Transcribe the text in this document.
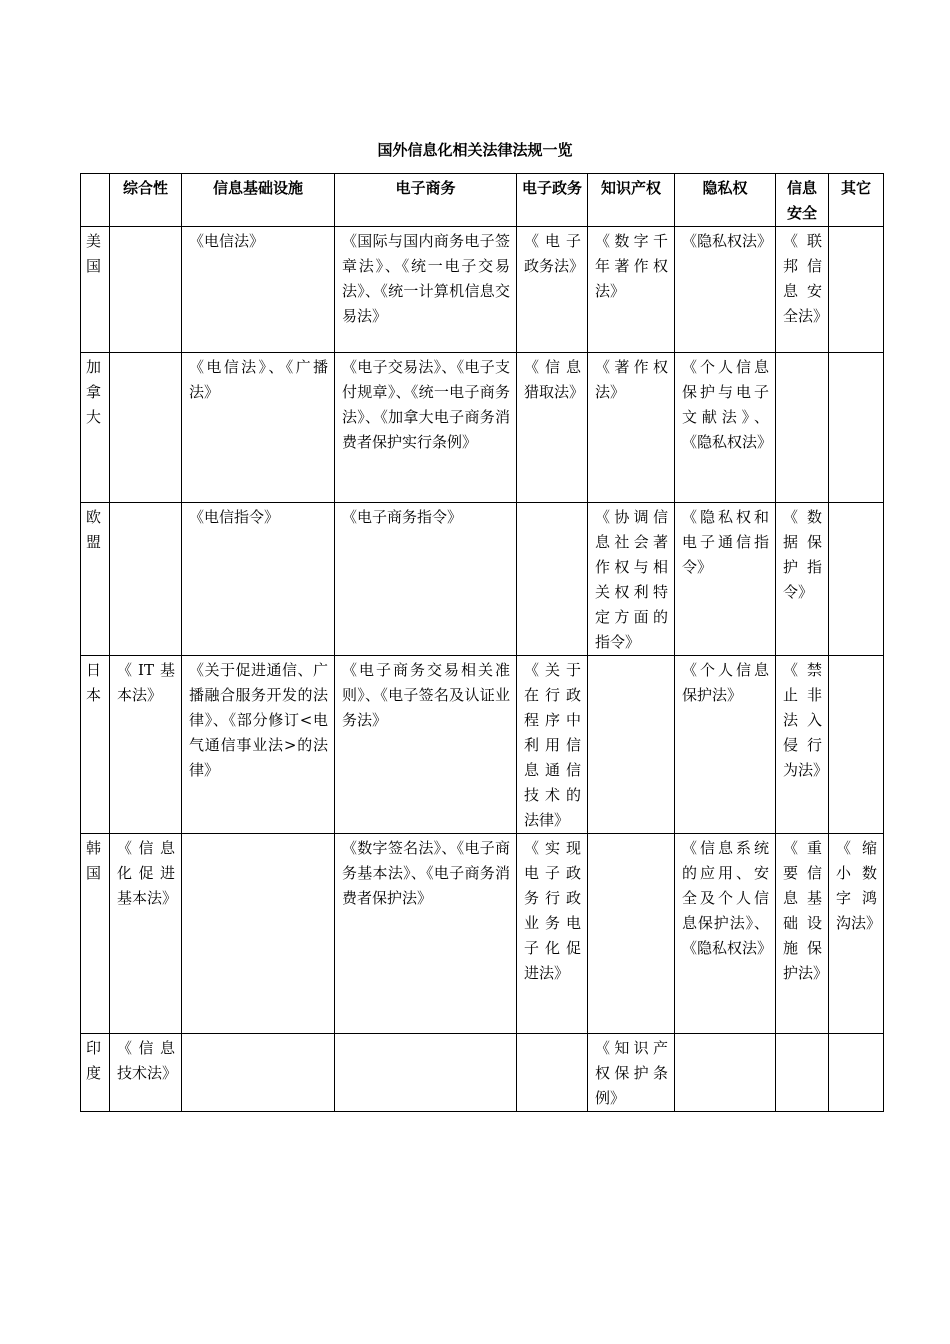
国外信息化相关法律法规一览
	综合性	信息基础设施	电子商务	电子政务	知识产权	隐私权	信息安全	其它
美国		《电信法》	《国际与国内商务电子签章法》、《统一电子交易法》、《统一计算机信息交易法》	《电子政务法》	《数字千年著作权法》	《隐私权法》	《联邦信息安全法》	
加拿大		《电信法》、《广播法》	《电子交易法》、《电子支付规章》、《统一电子商务法》、《加拿大电子商务消费者保护实行条例》	《信息猎取法》	《著作权法》	《个人信息保护与电子文献法》、《隐私权法》		
欧盟		《电信指令》	《电子商务指令》		《协调信息社会著作权与相关权利特定方面的指令》	《隐私权和电子通信指令》	《数据保护指令》	
日本	《IT基本法》	《关于促进通信、广播融合服务开发的法律》、《部分修订<电气通信事业法>的法律》	《电子商务交易相关准则》、《电子签名及认证业务法》	《关于在行政程序中利用信息通信技术的法律》		《个人信息保护法》	《禁止非法入侵行为法》	
韩国	《信息化促进基本法》		《数字签名法》、《电子商务基本法》、《电子商务消费者保护法》	《实现电子政务行政业务电子化促进法》		《信息系统的应用、安全及个人信息保护法》、《隐私权法》	《重要信息基础设施保护法》	《缩小数字鸿沟法》
印度	《信息技术法》				《知识产权保护条例》			
